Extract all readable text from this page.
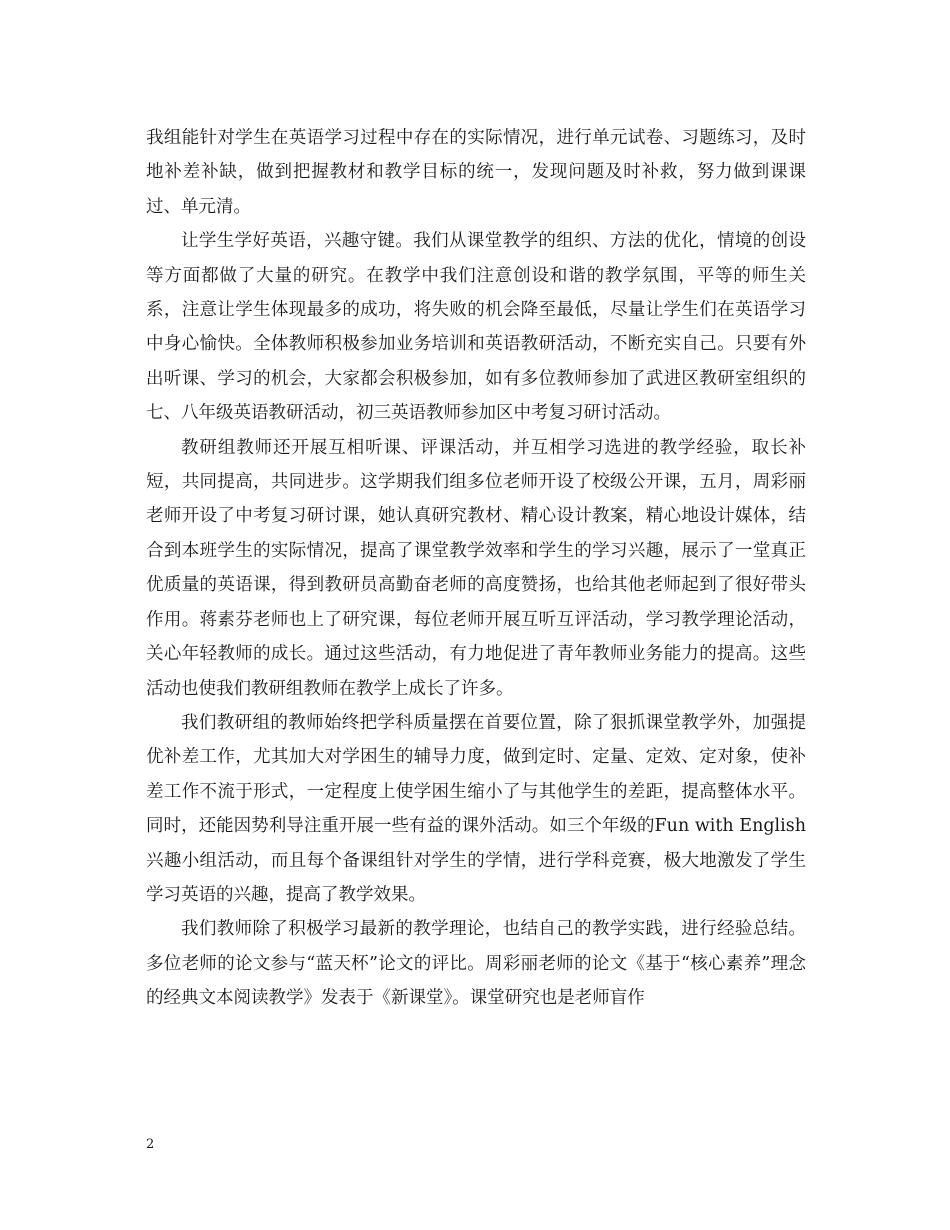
我组能针对学生在英语学习过程中存在的实际情况，进行单元试卷、习题练习，及时地补差补缺，做到把握教材和教学目标的统一，发现问题及时补救，努力做到课课过、单元清。

让学生学好英语，兴趣守键。我们从课堂教学的组织、方法的优化，情境的创设等方面都做了大量的研究。在教学中我们注意创设和谐的教学氛围，平等的师生关系，注意让学生体现最多的成功，将失败的机会降至最低，尽量让学生们在英语学习中身心愉快。全体教师积极参加业务培训和英语教研活动，不断充实自己。只要有外出听课、学习的机会，大家都会积极参加，如有多位教师参加了武进区教研室组织的七、八年级英语教研活动，初三英语教师参加区中考复习研讨活动。

教研组教师还开展互相听课、评课活动，并互相学习选进的教学经验，取长补短，共同提高，共同进步。这学期我们组多位老师开设了校级公开课，五月，周彩丽老师开设了中考复习研讨课，她认真研究教材、精心设计教案，精心地设计媒体，结合到本班学生的实际情况，提高了课堂教学效率和学生的学习兴趣，展示了一堂真正优质量的英语课，得到教研员高勤奋老师的高度赞扬，也给其他老师起到了很好带头作用。蒋素芬老师也上了研究课，每位老师开展互听互评活动，学习教学理论活动，关心年轻教师的成长。通过这些活动，有力地促进了青年教师业务能力的提高。这些活动也使我们教研组教师在教学上成长了许多。

我们教研组的教师始终把学科质量摆在首要位置，除了狠抓课堂教学外，加强提优补差工作，尤其加大对学困生的辅导力度，做到定时、定量、定效、定对象，使补差工作不流于形式，一定程度上使学困生缩小了与其他学生的差距，提高整体水平。同时，还能因势利导注重开展一些有益的课外活动。如三个年级的Fun with English 兴趣小组活动，而且每个备课组针对学生的学情，进行学科竞赛，极大地激发了学生学习英语的兴趣，提高了教学效果。

我们教师除了积极学习最新的教学理论，也结自己的教学实践，进行经验总结。多位老师的论文参与“蓝天杯”论文的评比。周彩丽老师的论文《基于“核心素养”理念的经典文本阅读教学》发表于《新课堂》。课堂研究也是老师盲作

2
